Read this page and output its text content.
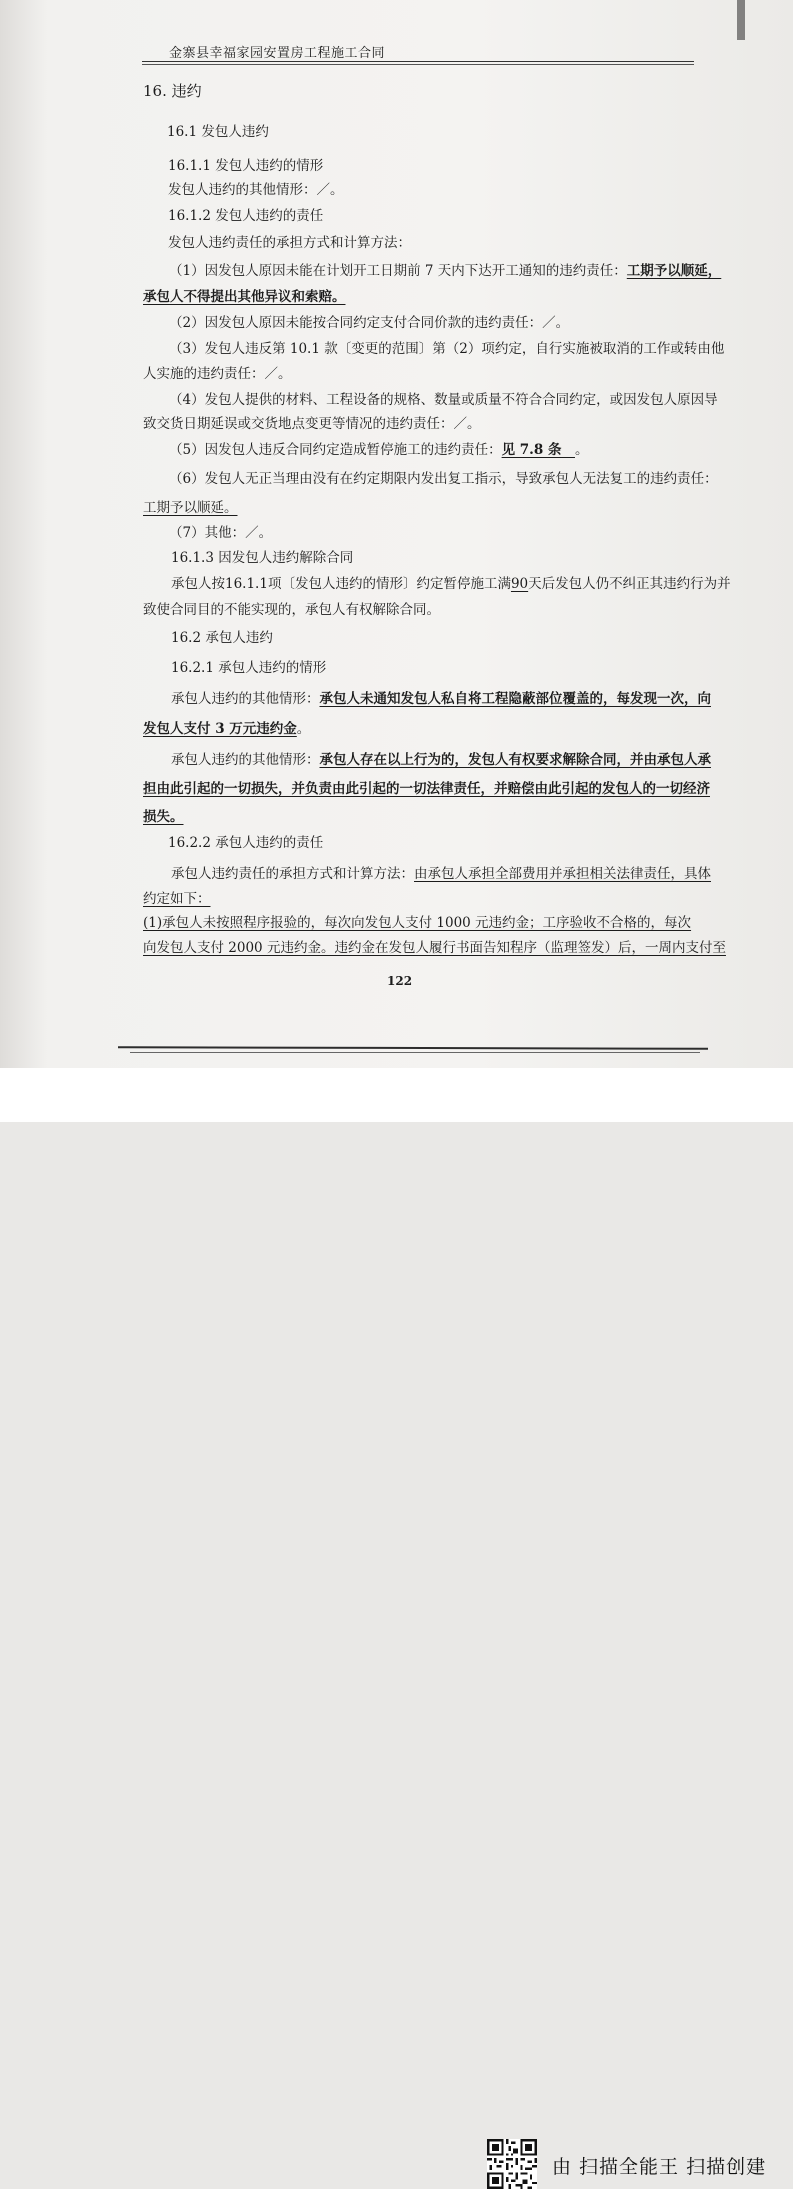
金寨县幸福家园安置房工程施工合同
16. 违约
16.1 发包人违约
16.1.1 发包人违约的情形
发包人违约的其他情形：／。
16.1.2 发包人违约的责任
发包人违约责任的承担方式和计算方法：
（1）因发包人原因未能在计划开工日期前 7 天内下达开工通知的违约责任：工期予以顺延，
承包人不得提出其他异议和索赔。
（2）因发包人原因未能按合同约定支付合同价款的违约责任：／。
（3）发包人违反第 10.1 款〔变更的范围〕第（2）项约定，自行实施被取消的工作或转由他
人实施的违约责任：／。
（4）发包人提供的材料、工程设备的规格、数量或质量不符合合同约定，或因发包人原因导
致交货日期延误或交货地点变更等情况的违约责任：／。
（5）因发包人违反合同约定造成暂停施工的违约责任：见 7.8 条  。
（6）发包人无正当理由没有在约定期限内发出复工指示，导致承包人无法复工的违约责任：
工期予以顺延。
（7）其他：／。
16.1.3 因发包人违约解除合同
承包人按16.1.1项〔发包人违约的情形〕约定暂停施工满90天后发包人仍不纠正其违约行为并
致使合同目的不能实现的，承包人有权解除合同。
16.2 承包人违约
16.2.1 承包人违约的情形
承包人违约的其他情形：承包人未通知发包人私自将工程隐蔽部位覆盖的，每发现一次，向
发包人支付 3 万元违约金。
承包人违约的其他情形：承包人存在以上行为的，发包人有权要求解除合同，并由承包人承
担由此引起的一切损失，并负责由此引起的一切法律责任，并赔偿由此引起的发包人的一切经济
损失。
16.2.2 承包人违约的责任
承包人违约责任的承担方式和计算方法：由承包人承担全部费用并承担相关法律责任，具体
约定如下：
(1)承包人未按照程序报验的，每次向发包人支付 1000 元违约金；工序验收不合格的，每次
向发包人支付 2000 元违约金。违约金在发包人履行书面告知程序（监理签发）后，一周内支付至
122
由 扫描全能王 扫描创建
